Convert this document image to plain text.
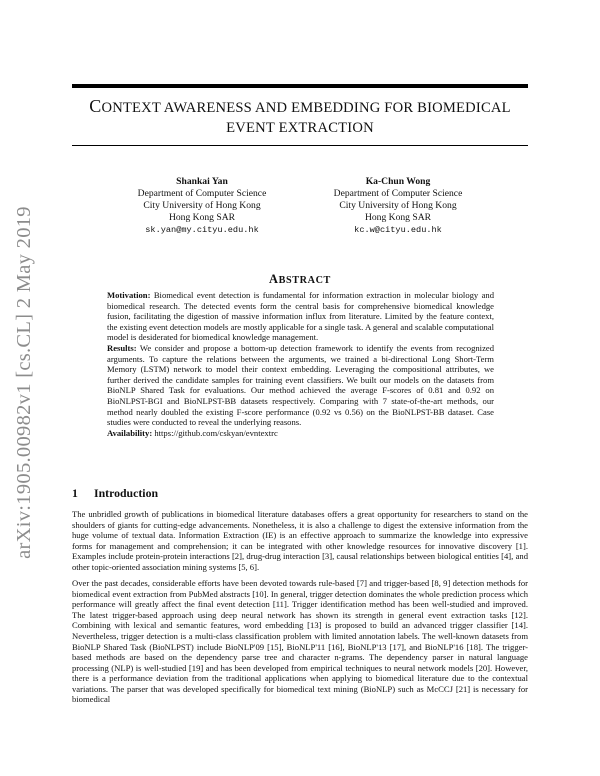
CONTEXT AWARENESS AND EMBEDDING FOR BIOMEDICAL
EVENT EXTRACTION
arXiv:1905.00982v1 [cs.CL] 2 May 2019
Shankai Yan
Department of Computer Science
City University of Hong Kong
Hong Kong SAR
sk.yan@my.cityu.edu.hk
Ka-Chun Wong
Department of Computer Science
City University of Hong Kong
Hong Kong SAR
kc.w@cityu.edu.hk
ABSTRACT

Motivation: Biomedical event detection is fundamental for information extraction in molecular biology and biomedical research. The detected events form the central basis for comprehensive biomedical knowledge fusion, facilitating the digestion of massive information influx from literature. Limited by the feature context, the existing event detection models are mostly applicable for a single task. A general and scalable computational model is desiderated for biomedical knowledge management.

Results: We consider and propose a bottom-up detection framework to identify the events from recognized arguments. To capture the relations between the arguments, we trained a bi-directional Long Short-Term Memory (LSTM) network to model their context embedding. Leveraging the compositional attributes, we further derived the candidate samples for training event classifiers. We built our models on the datasets from BioNLP Shared Task for evaluations. Our method achieved the average F-scores of 0.81 and 0.92 on BioNLPST-BGI and BioNLPST-BB datasets respectively. Comparing with 7 state-of-the-art methods, our method nearly doubled the existing F-score performance (0.92 vs 0.56) on the BioNLPST-BB dataset. Case studies were conducted to reveal the underlying reasons.

Availability: https://github.com/cskyan/evntextrc

1 Introduction

The unbridled growth of publications in biomedical literature databases offers a great opportunity for researchers to stand on the shoulders of giants for cutting-edge advancements. Nonetheless, it is also a challenge to digest the extensive information from the huge volume of textual data. Information Extraction (IE) is an effective approach to summarize the knowledge into expressive forms for management and comprehension; it can be integrated with other knowledge resources for innovative discovery [1]. Examples include protein-protein interactions [2], drug-drug interaction [3], causal relationships between biological entities [4], and other topic-oriented association mining systems [5, 6].

Over the past decades, considerable efforts have been devoted towards rule-based [7] and trigger-based [8, 9] detection methods for biomedical event extraction from PubMed abstracts [10]. In general, trigger detection dominates the whole prediction process which performance will greatly affect the final event detection [11]. Trigger identification method has been well-studied and improved. The latest trigger-based approach using deep neural network has shown its strength in general event extraction tasks [12]. Combining with lexical and semantic features, word embedding [13] is proposed to build an advanced trigger classifier [14]. Nevertheless, trigger detection is a multi-class classification problem with limited annotation labels. The well-known datasets from BioNLP Shared Task (BioNLPST) include BioNLP'09 [15], BioNLP'11 [16], BioNLP'13 [17], and BioNLP'16 [18]. The trigger-based methods are based on the dependency parse tree and character n-grams. The dependency parser in natural language processing (NLP) is well-studied [19] and has been developed from empirical techniques to neural network models [20]. However, there is a performance deviation from the traditional applications when applying to biomedical literature due to the contextual variations. The parser that was developed specifically for biomedical text mining (BioNLP) such as McCCJ [21] is necessary for biomedical
